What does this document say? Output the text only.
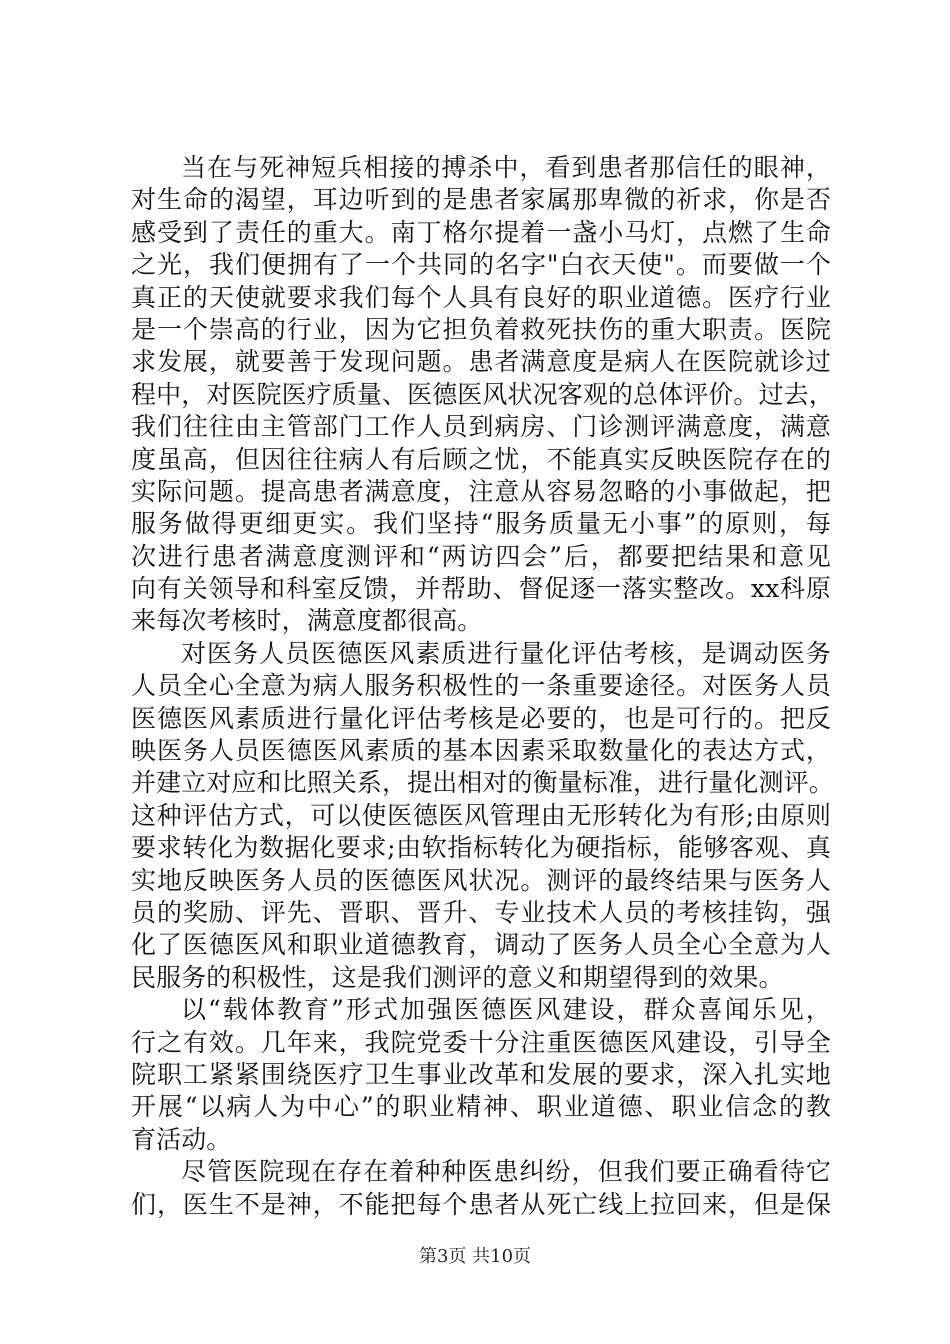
当在与死神短兵相接的搏杀中，看到患者那信任的眼神，
对生命的渴望，耳边听到的是患者家属那卑微的祈求，你是否
感受到了责任的重大。南丁格尔提着一盏小马灯，点燃了生命
之光，我们便拥有了一个共同的名字"白衣天使"。而要做一个
真正的天使就要求我们每个人具有良好的职业道德。医疗行业
是一个崇高的行业，因为它担负着救死扶伤的重大职责。医院
求发展，就要善于发现问题。患者满意度是病人在医院就诊过
程中，对医院医疗质量、医德医风状况客观的总体评价。过去，
我们往往由主管部门工作人员到病房、门诊测评满意度，满意
度虽高，但因往往病人有后顾之忧，不能真实反映医院存在的
实际问题。提高患者满意度，注意从容易忽略的小事做起，把
服务做得更细更实。我们坚持“服务质量无小事”的原则，每
次进行患者满意度测评和“两访四会”后，都要把结果和意见
向有关领导和科室反馈，并帮助、督促逐一落实整改。xx科原
来每次考核时，满意度都很高。
对医务人员医德医风素质进行量化评估考核，是调动医务
人员全心全意为病人服务积极性的一条重要途径。对医务人员
医德医风素质进行量化评估考核是必要的，也是可行的。把反
映医务人员医德医风素质的基本因素采取数量化的表达方式，
并建立对应和比照关系，提出相对的衡量标准，进行量化测评。
这种评估方式，可以使医德医风管理由无形转化为有形;由原则
要求转化为数据化要求;由软指标转化为硬指标，能够客观、真
实地反映医务人员的医德医风状况。测评的最终结果与医务人
员的奖励、评先、晋职、晋升、专业技术人员的考核挂钩，强
化了医德医风和职业道德教育，调动了医务人员全心全意为人
民服务的积极性，这是我们测评的意义和期望得到的效果。
以“载体教育”形式加强医德医风建设，群众喜闻乐见，
行之有效。几年来，我院党委十分注重医德医风建设，引导全
院职工紧紧围绕医疗卫生事业改革和发展的要求，深入扎实地
开展“以病人为中心”的职业精神、职业道德、职业信念的教
育活动。
尽管医院现在存在着种种医患纠纷，但我们要正确看待它
们，医生不是神，不能把每个患者从死亡线上拉回来，但是保
第3页 共10页
